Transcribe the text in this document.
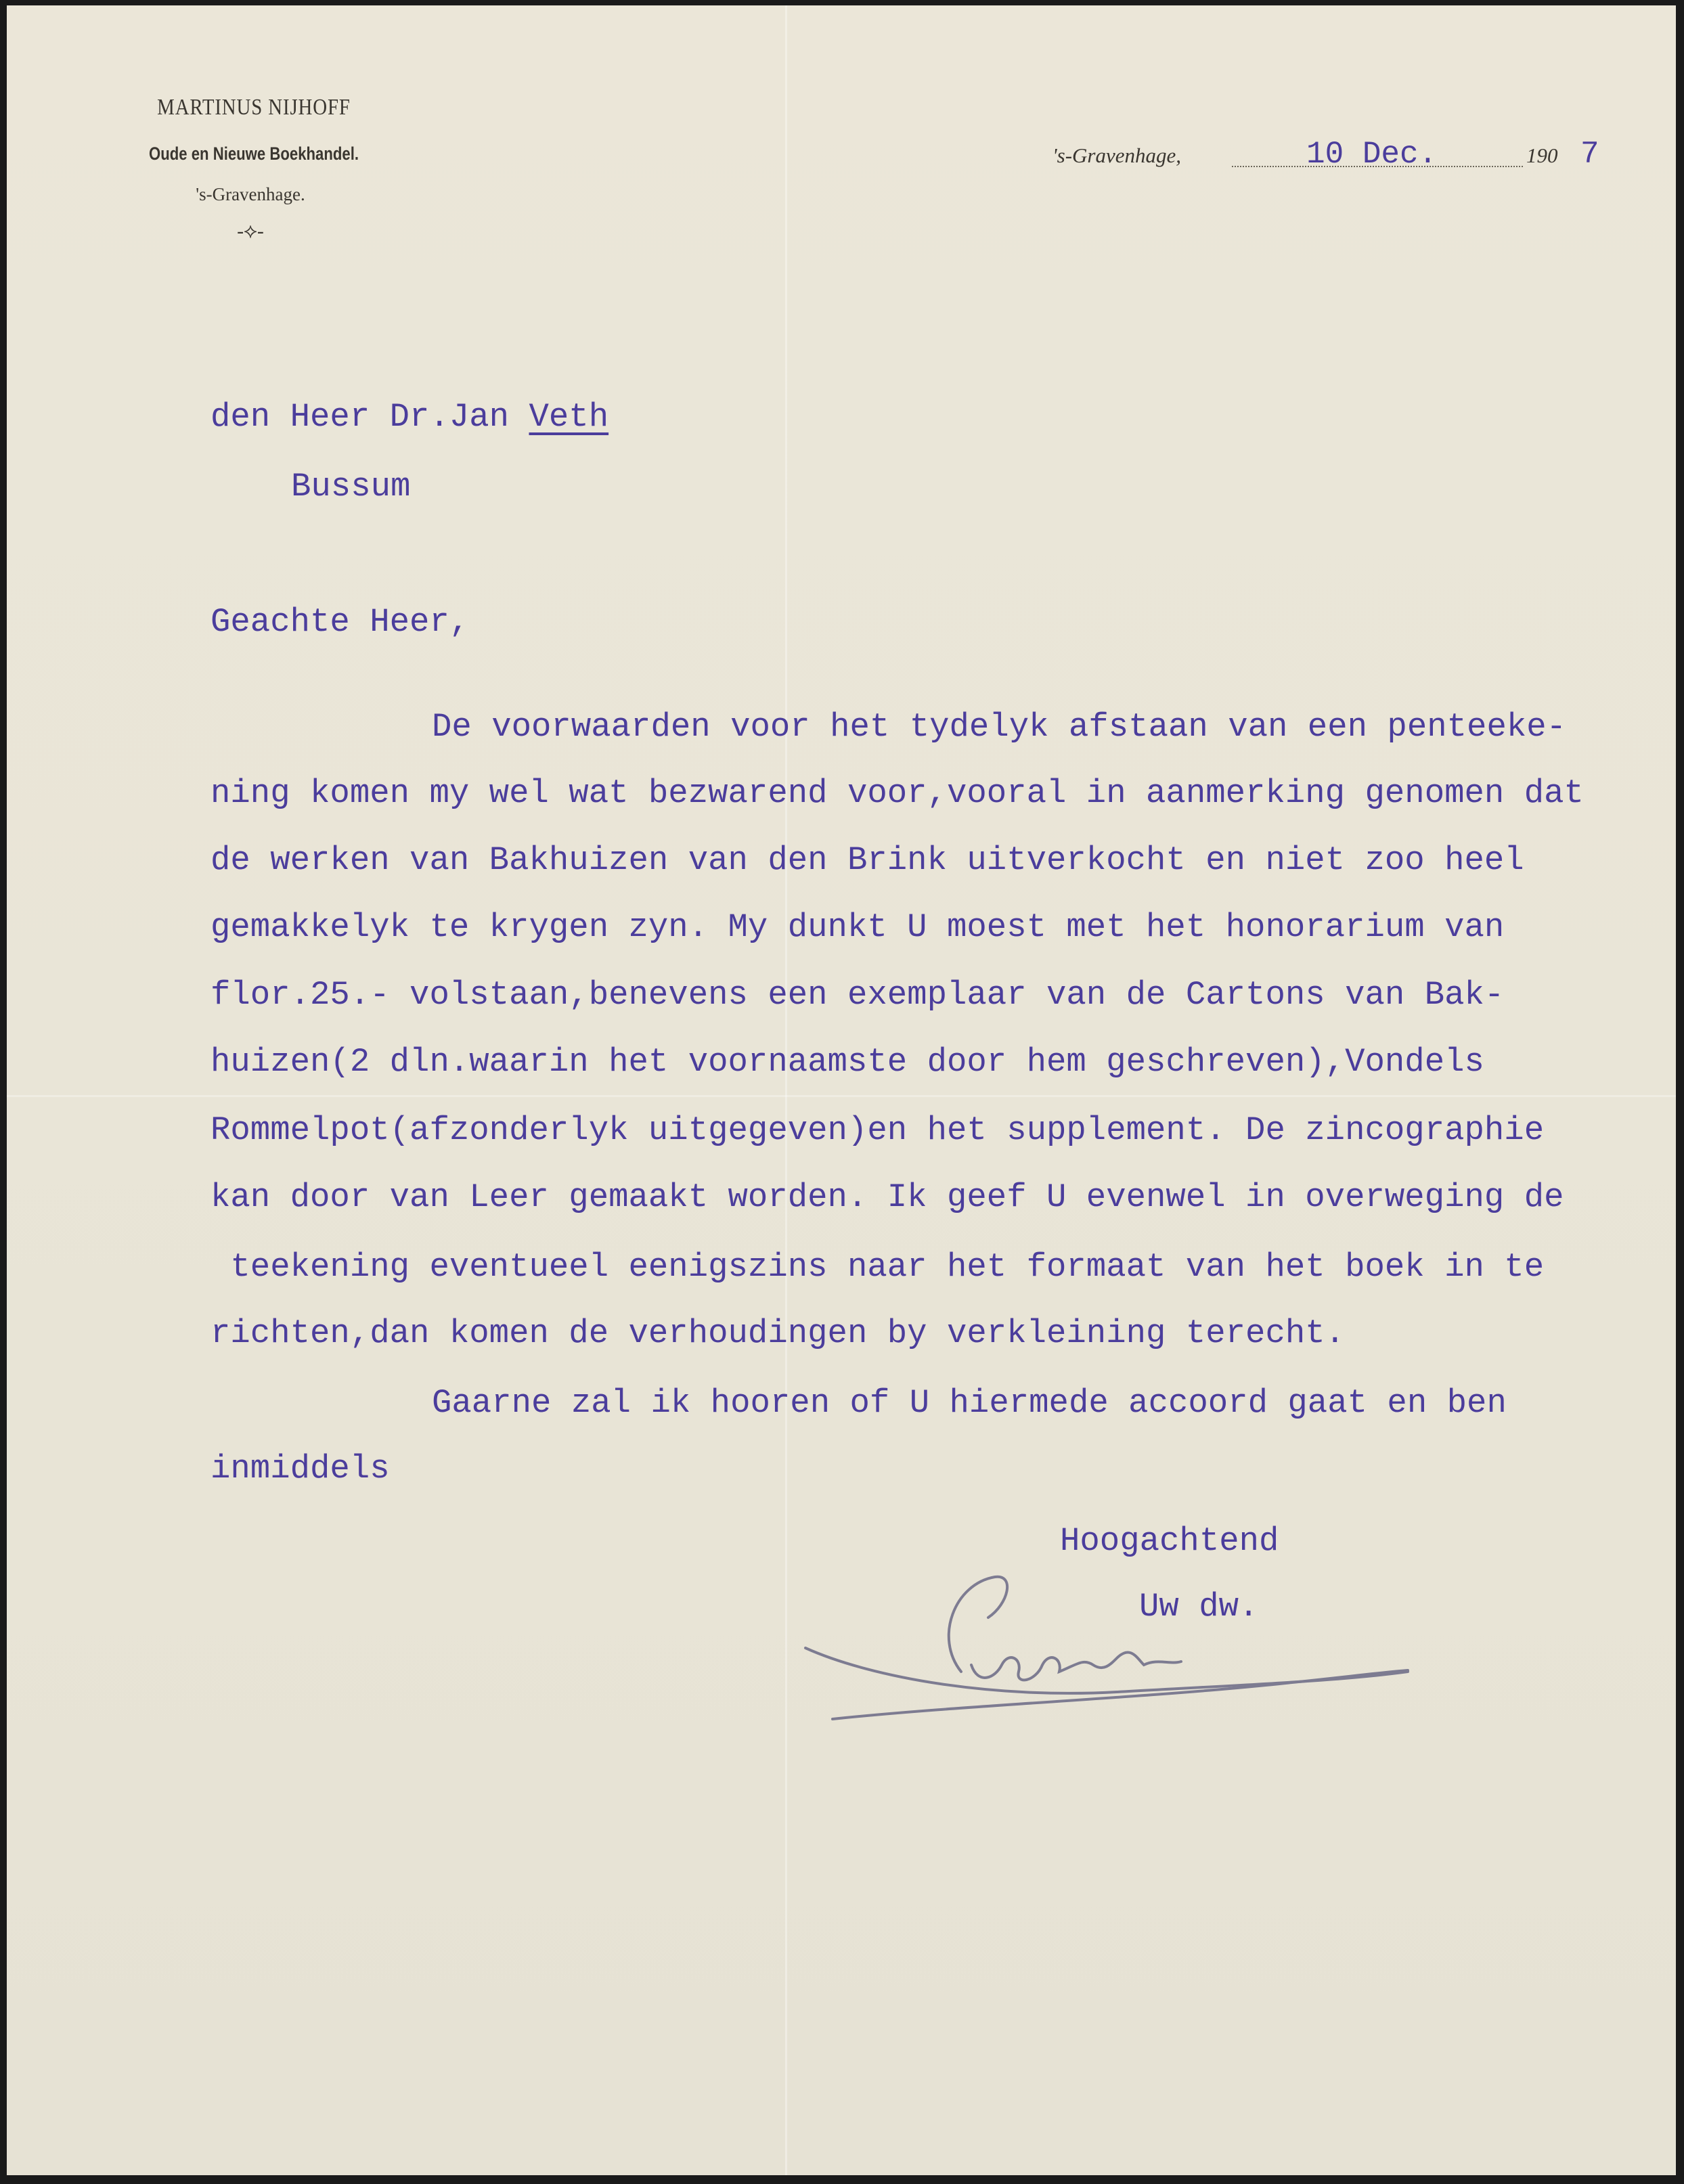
MARTINUS NIJHOFF
Oude en Nieuwe Boekhandel.
's-Gravenhage.
-⟡-
's-Gravenhage,	10 Dec.	190 7
den Heer Dr.Jan Veth
Bussum
Geachte Heer,
De voorwaarden voor het tydelyk afstaan van een penteeke-
ning komen my wel wat bezwarend voor,vooral in aanmerking genomen dat
de werken van Bakhuizen van den Brink uitverkocht en niet zoo heel
gemakkelyk te krygen zyn. My dunkt U moest met het honorarium van
flor.25.- volstaan,benevens een exemplaar van de Cartons van Bak-
huizen(2 dln.waarin het voornaamste door hem geschreven),Vondels
Rommelpot(afzonderlyk uitgegeven)en het supplement. De zincographie
kan door van Leer gemaakt worden. Ik geef U evenwel in overweging de
teekening eventueel eenigszins naar het formaat van het boek in te
richten,dan komen de verhoudingen by verkleining terecht.
Gaarne zal ik hooren of U hiermede accoord gaat en ben
inmiddels
Hoogachtend
Uw dw.
